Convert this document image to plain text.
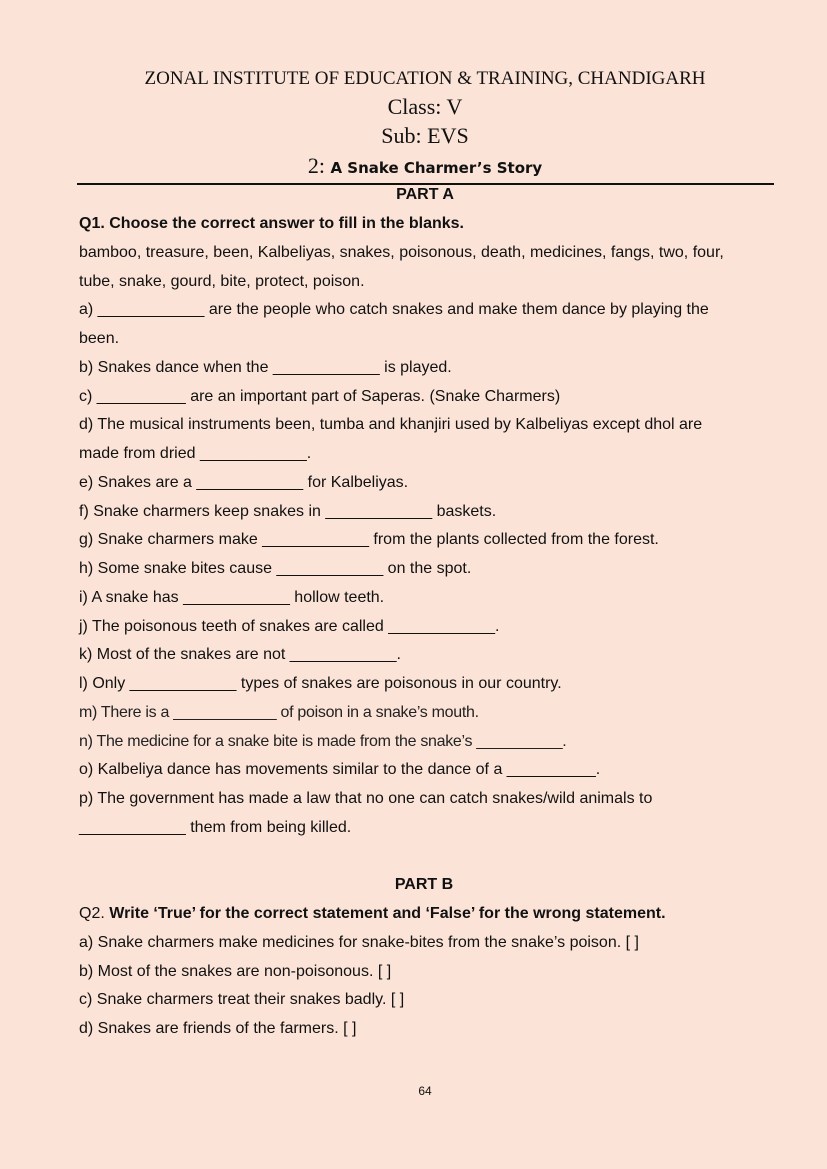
ZONAL INSTITUTE OF EDUCATION & TRAINING, CHANDIGARH
Class: V
Sub: EVS
2: A Snake Charmer’s Story
PART A
Q1. Choose the correct answer to fill in the blanks.
bamboo, treasure, been, Kalbeliyas, snakes, poisonous, death, medicines, fangs, two, four,
tube, snake, gourd, bite, protect, poison.
a) ____________ are the people who catch snakes and make them dance by playing the
been.
b) Snakes dance when the ____________ is played.
c) __________ are an important part of Saperas. (Snake Charmers)
d) The musical instruments been, tumba and khanjiri used by Kalbeliyas except dhol are
made from dried ____________.
e) Snakes are a ____________ for Kalbeliyas.
f) Snake charmers keep snakes in ____________ baskets.
g) Snake charmers make ____________ from the plants collected from the forest.
h) Some snake bites cause ____________ on the spot.
i) A snake has ____________ hollow teeth.
j) The poisonous teeth of snakes are called ____________.
k) Most of the snakes are not ____________.
l) Only ____________ types of snakes are poisonous in our country.
m) There is a ____________ of poison in a snake’s mouth.
n) The medicine for a snake bite is made from the snake’s __________.
o) Kalbeliya dance has movements similar to the dance of a __________.
p) The government has made a law that no one can catch snakes/wild animals to
____________ them from being killed.
PART B
Q2. Write ‘True’ for the correct statement and ‘False’ for the wrong statement.
a) Snake charmers make medicines for snake-bites from the snake’s poison. [ ]
b) Most of the snakes are non-poisonous. [ ]
c) Snake charmers treat their snakes badly. [ ]
d) Snakes are friends of the farmers. [ ]
64
